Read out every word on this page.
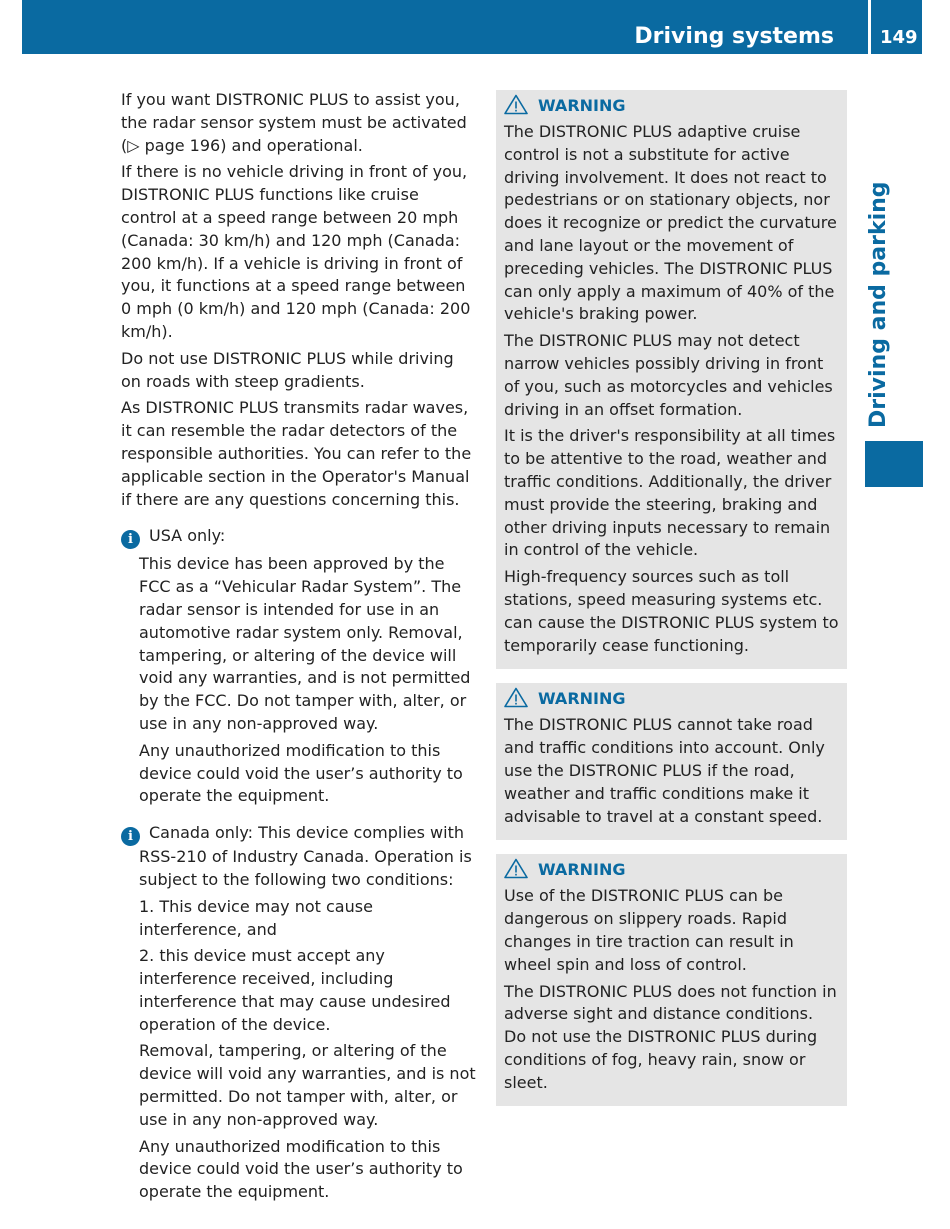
Driving systems	149
Driving and parking

If you want DISTRONIC PLUS to assist you, the radar sensor system must be activated (▷ page 196) and operational.

If there is no vehicle driving in front of you, DISTRONIC PLUS functions like cruise control at a speed range between 20 mph (Canada: 30 km/h) and 120 mph (Canada: 200 km/h). If a vehicle is driving in front of you, it functions at a speed range between 0 mph (0 km/h) and 120 mph (Canada: 200 km/h).

Do not use DISTRONIC PLUS while driving on roads with steep gradients.

As DISTRONIC PLUS transmits radar waves, it can resemble the radar detectors of the responsible authorities. You can refer to the applicable section in the Operator's Manual if there are any questions concerning this.

i USA only:

This device has been approved by the FCC as a “Vehicular Radar System”. The radar sensor is intended for use in an automotive radar system only. Removal, tampering, or altering of the device will void any warranties, and is not permitted by the FCC. Do not tamper with, alter, or use in any non-approved way.

Any unauthorized modification to this device could void the user’s authority to operate the equipment.

i Canada only: This device complies with RSS-210 of Industry Canada. Operation is subject to the following two conditions:

1. This device may not cause interference, and

2. this device must accept any interference received, including interference that may cause undesired operation of the device.

Removal, tampering, or altering of the device will void any warranties, and is not permitted. Do not tamper with, alter, or use in any non-approved way.

Any unauthorized modification to this device could void the user’s authority to operate the equipment.

WARNING

The DISTRONIC PLUS adaptive cruise control is not a substitute for active driving involvement. It does not react to pedestrians or on stationary objects, nor does it recognize or predict the curvature and lane layout or the movement of preceding vehicles. The DISTRONIC PLUS can only apply a maximum of 40% of the vehicle's braking power.

The DISTRONIC PLUS may not detect narrow vehicles possibly driving in front of you, such as motorcycles and vehicles driving in an offset formation.

It is the driver's responsibility at all times to be attentive to the road, weather and traffic conditions. Additionally, the driver must provide the steering, braking and other driving inputs necessary to remain in control of the vehicle.

High-frequency sources such as toll stations, speed measuring systems etc. can cause the DISTRONIC PLUS system to temporarily cease functioning.

WARNING

The DISTRONIC PLUS cannot take road and traffic conditions into account. Only use the DISTRONIC PLUS if the road, weather and traffic conditions make it advisable to travel at a constant speed.

WARNING

Use of the DISTRONIC PLUS can be dangerous on slippery roads. Rapid changes in tire traction can result in wheel spin and loss of control.

The DISTRONIC PLUS does not function in adverse sight and distance conditions. Do not use the DISTRONIC PLUS during conditions of fog, heavy rain, snow or sleet.
